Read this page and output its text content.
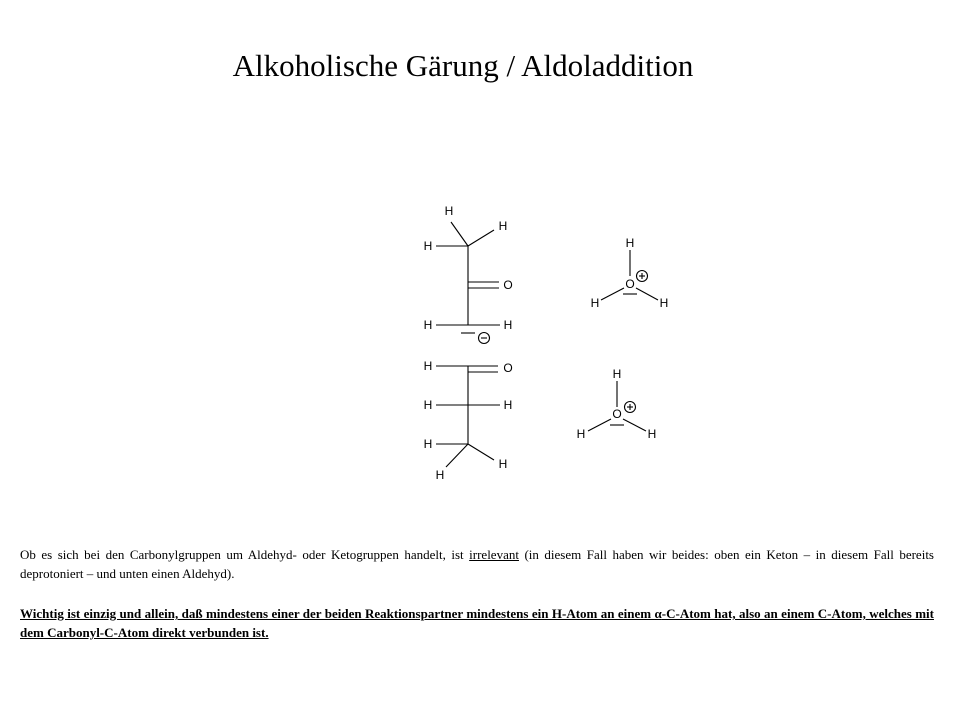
Alkoholische Gärung / Aldoladdition
H
H
H
O
H	H
H	O
H	H
H
H
H
H
O
H	H
H
O
H	H
Ob es sich bei den Carbonylgruppen um Aldehyd- oder Ketogruppen handelt, ist irrelevant (in diesem Fall haben wir beides: oben ein Keton – in diesem Fall bereits deprotoniert – und unten einen Aldehyd).
Wichtig ist einzig und allein, daß mindestens einer der beiden Reaktionspartner mindestens ein H-Atom an einem α-C-Atom hat, also an einem C-Atom, welches mit dem Carbonyl-C-Atom direkt verbunden ist.
